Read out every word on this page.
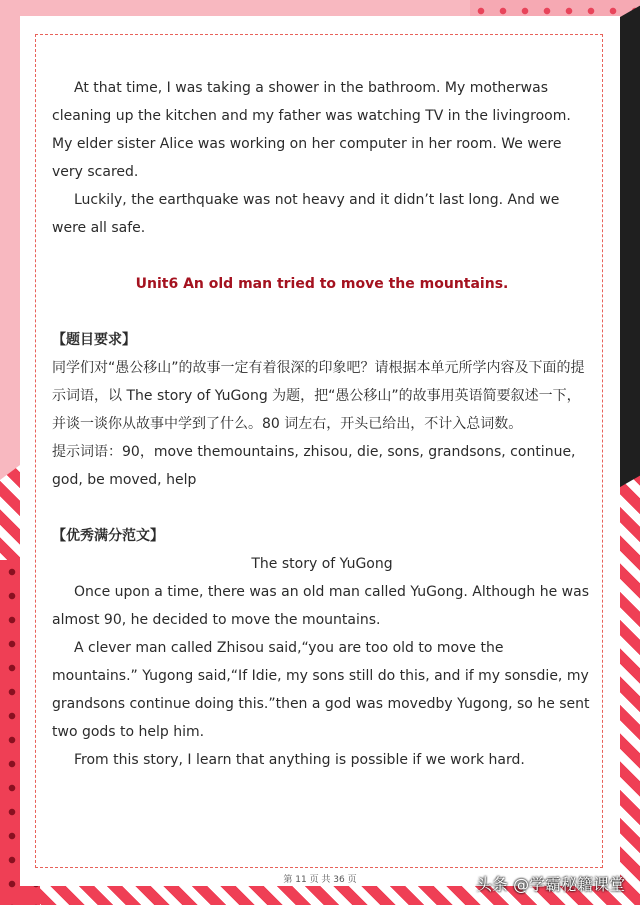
At that time, I was taking a shower in the bathroom. My motherwas cleaning up the kitchen and my father was watching TV in the livingroom. My elder sister Alice was working on her computer in her room. We were very scared.

Luckily, the earthquake was not heavy and it didn’t last long. And we were all safe.

Unit6 An old man tried to move the mountains.

【题目要求】

同学们对“愚公移山”的故事一定有着很深的印象吧？请根据本单元所学内容及下面的提示词语，以 The story of YuGong 为题，把“愚公移山”的故事用英语简要叙述一下，并谈一谈你从故事中学到了什么。80 词左右，开头已给出，不计入总词数。

提示词语：90，move themountains, zhisou, die, sons, grandsons, continue, god, be moved, help

【优秀满分范文】

The story of YuGong

Once upon a time, there was an old man called YuGong. Although he was almost 90, he decided to move the mountains.

A clever man called Zhisou said,“you are too old to move the mountains.” Yugong said,“If Idie, my sons still do this, and if my sonsdie, my grandsons continue doing this.”then a god was movedby Yugong, so he sent two gods to help him.

From this story, I learn that anything is possible if we work hard.

第 11 页 共 36 页	头条 @学霸秘籍课堂
